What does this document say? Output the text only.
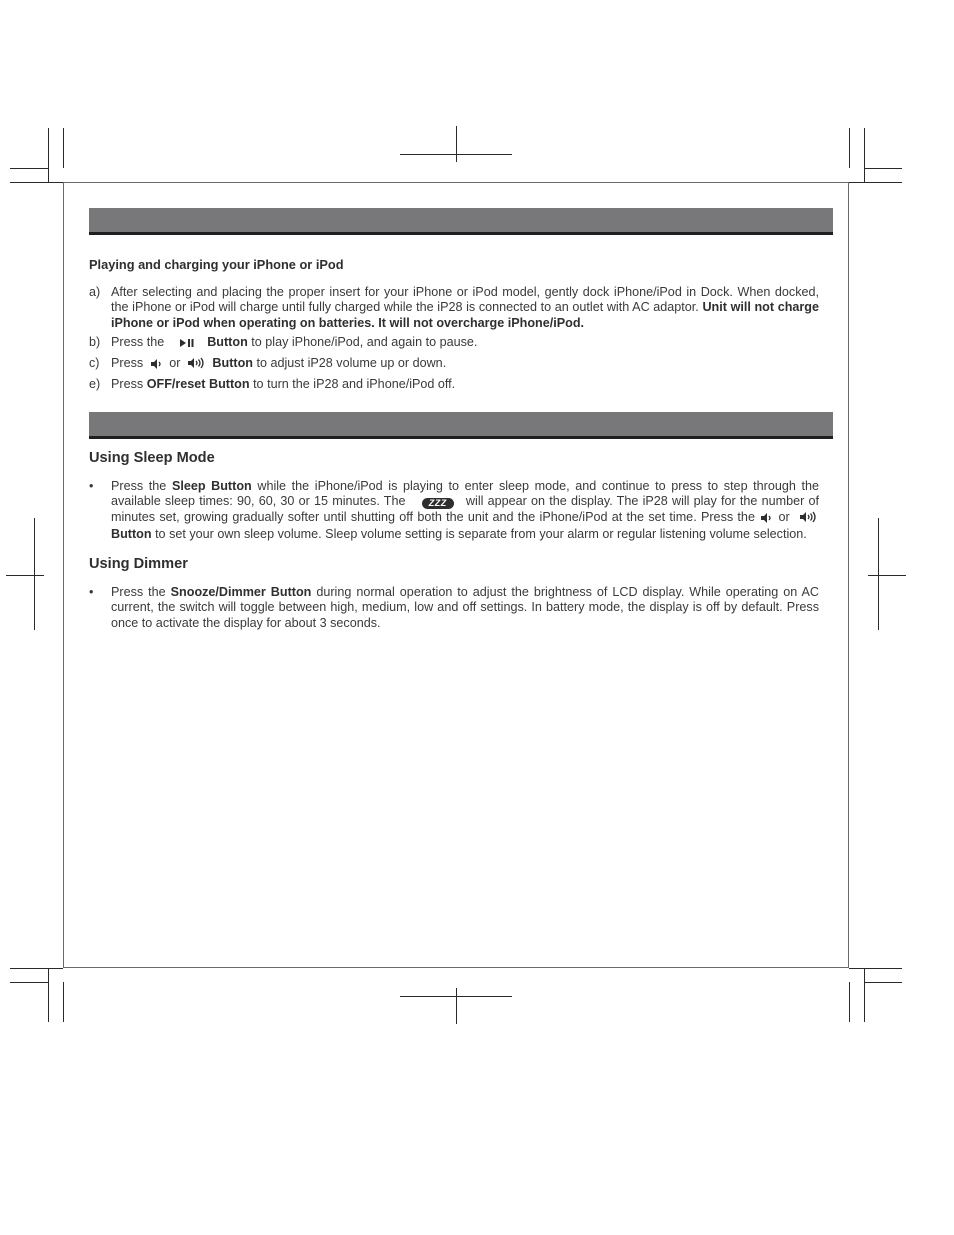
Playing and charging your iPhone or iPod
a) After selecting and placing the proper insert for your iPhone or iPod model, gently dock iPhone/iPod in Dock. When docked, the iPhone or iPod will charge until fully charged while the iP28 is connected to an outlet with AC adaptor. Unit will not charge iPhone or iPod when operating on batteries. It will not overcharge iPhone/iPod.
b) Press the	Button to play iPhone/iPod, and again to pause.
c) Press or	Button to adjust iP28 volume up or down.
e) Press OFF/reset Button to turn the iP28 and iPhone/iPod off.
Using Sleep Mode
•	Press the Sleep Button while the iPhone/iPod is playing to enter sleep mode, and continue to press to step through the available sleep times: 90, 60, 30 or 15 minutes. The	ZZZ will appear on the display. The iP28 will play for the number of minutes set, growing gradually softer until shutting off both the unit and the iPhone/iPod at the set time. Press the or  Button to set your own sleep volume. Sleep volume setting is separate from your alarm or regular listening volume selection.
Using Dimmer
•	Press the Snooze/Dimmer Button during normal operation to adjust the brightness of LCD display. While operating on AC current, the switch will toggle between high, medium, low and off settings. In battery mode, the display is off by default. Press once to activate the display for about 3 seconds.
